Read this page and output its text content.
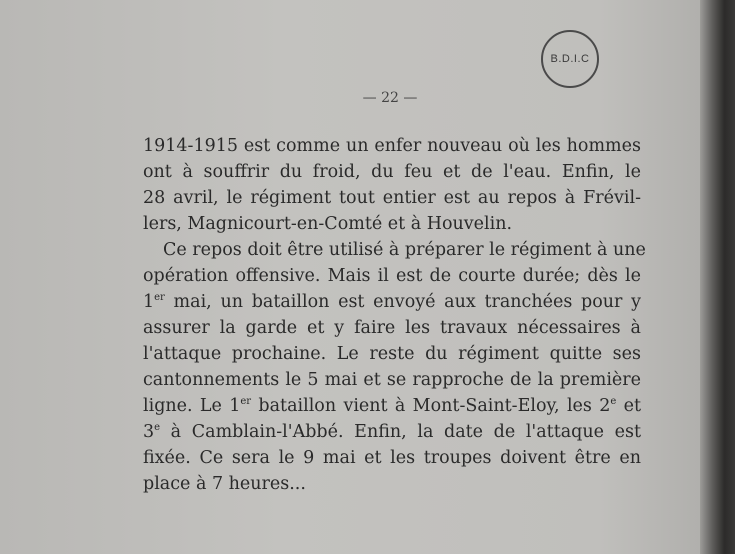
B.D.I.C
— 22 —
1914-1915 est comme un enfer nouveau où les hommes
ont à souffrir du froid, du feu et de l'eau. Enfin, le
28 avril, le régiment tout entier est au repos à Frévil-
lers, Magnicourt-en-Comté et à Houvelin.
Ce repos doit être utilisé à préparer le régiment à une
opération offensive. Mais il est de courte durée; dès le
1er mai, un bataillon est envoyé aux tranchées pour y
assurer la garde et y faire les travaux nécessaires à
l'attaque prochaine. Le reste du régiment quitte ses
cantonnements le 5 mai et se rapproche de la première
ligne. Le 1er bataillon vient à Mont-Saint-Eloy, les 2e et
3e à Camblain-l'Abbé. Enfin, la date de l'attaque est
fixée. Ce sera le 9 mai et les troupes doivent être en
place à 7 heures...
